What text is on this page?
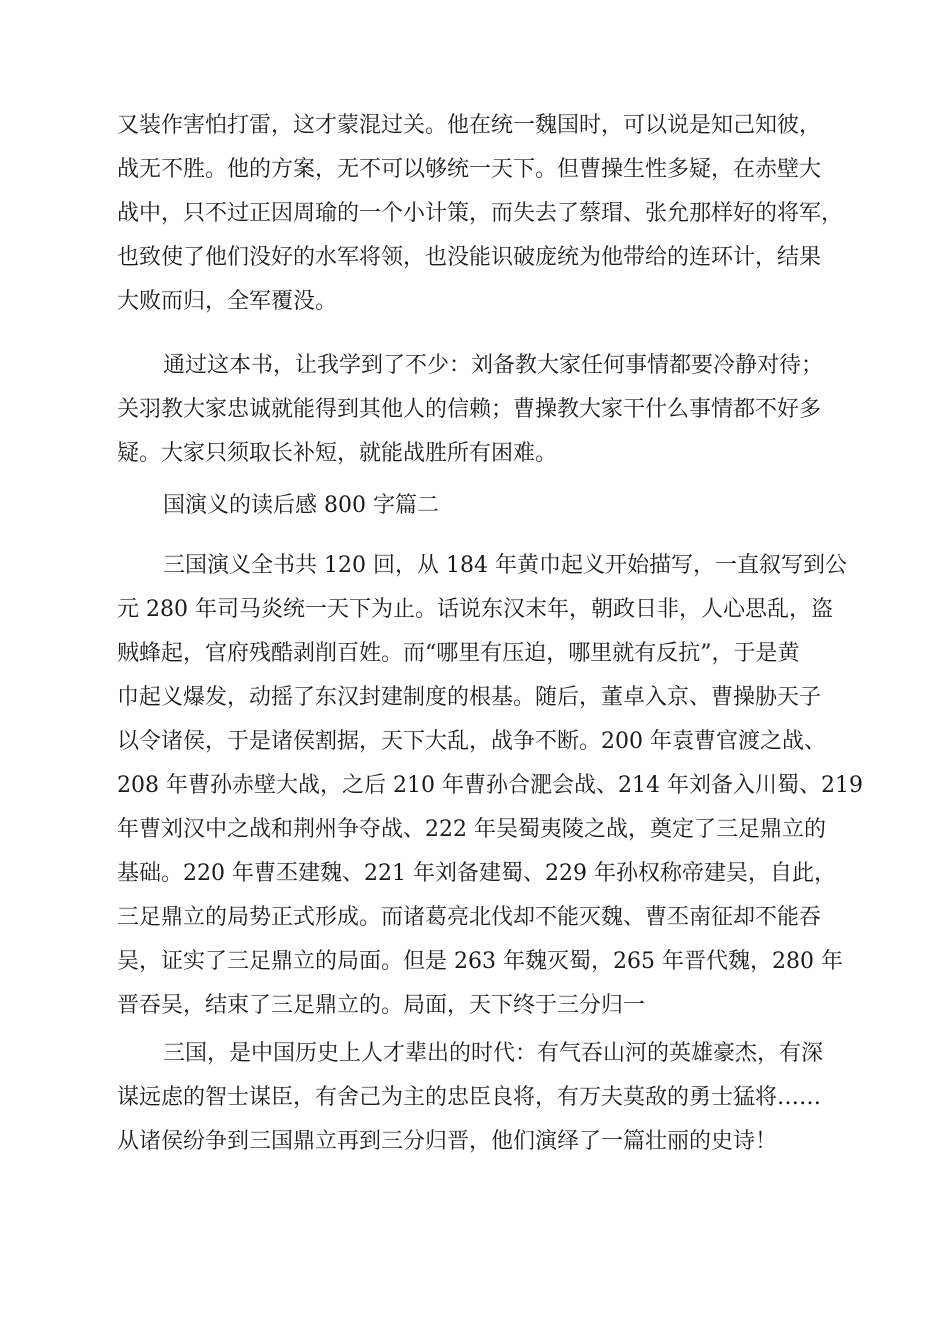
又装作害怕打雷，这才蒙混过关。他在统一魏国时，可以说是知己知彼，
战无不胜。他的方案，无不可以够统一天下。但曹操生性多疑，在赤壁大
战中，只不过正因周瑜的一个小计策，而失去了蔡瑁、张允那样好的将军，
也致使了他们没好的水军将领，也没能识破庞统为他带给的连环计，结果
大败而归，全军覆没。
通过这本书，让我学到了不少：刘备教大家任何事情都要冷静对待；
关羽教大家忠诚就能得到其他人的信赖；曹操教大家干什么事情都不好多
疑。大家只须取长补短，就能战胜所有困难。
国演义的读后感 800 字篇二
三国演义全书共 120 回，从 184 年黄巾起义开始描写，一直叙写到公
元 280 年司马炎统一天下为止。话说东汉末年，朝政日非，人心思乱，盗
贼蜂起，官府残酷剥削百姓。而“哪里有压迫，哪里就有反抗”，于是黄
巾起义爆发，动摇了东汉封建制度的根基。随后，董卓入京、曹操胁天子
以令诸侯，于是诸侯割据，天下大乱，战争不断。200 年袁曹官渡之战、
208 年曹孙赤壁大战，之后 210 年曹孙合淝会战、214 年刘备入川蜀、219
年曹刘汉中之战和荆州争夺战、222 年吴蜀夷陵之战，奠定了三足鼎立的
基础。220 年曹丕建魏、221 年刘备建蜀、229 年孙权称帝建吴，自此，
三足鼎立的局势正式形成。而诸葛亮北伐却不能灭魏、曹丕南征却不能吞
吴，证实了三足鼎立的局面。但是 263 年魏灭蜀，265 年晋代魏，280 年
晋吞吴，结束了三足鼎立的。局面，天下终于三分归一
三国，是中国历史上人才辈出的时代：有气吞山河的英雄豪杰，有深
谋远虑的智士谋臣，有舍己为主的忠臣良将，有万夫莫敌的勇士猛将……
从诸侯纷争到三国鼎立再到三分归晋，他们演绎了一篇壮丽的史诗！
